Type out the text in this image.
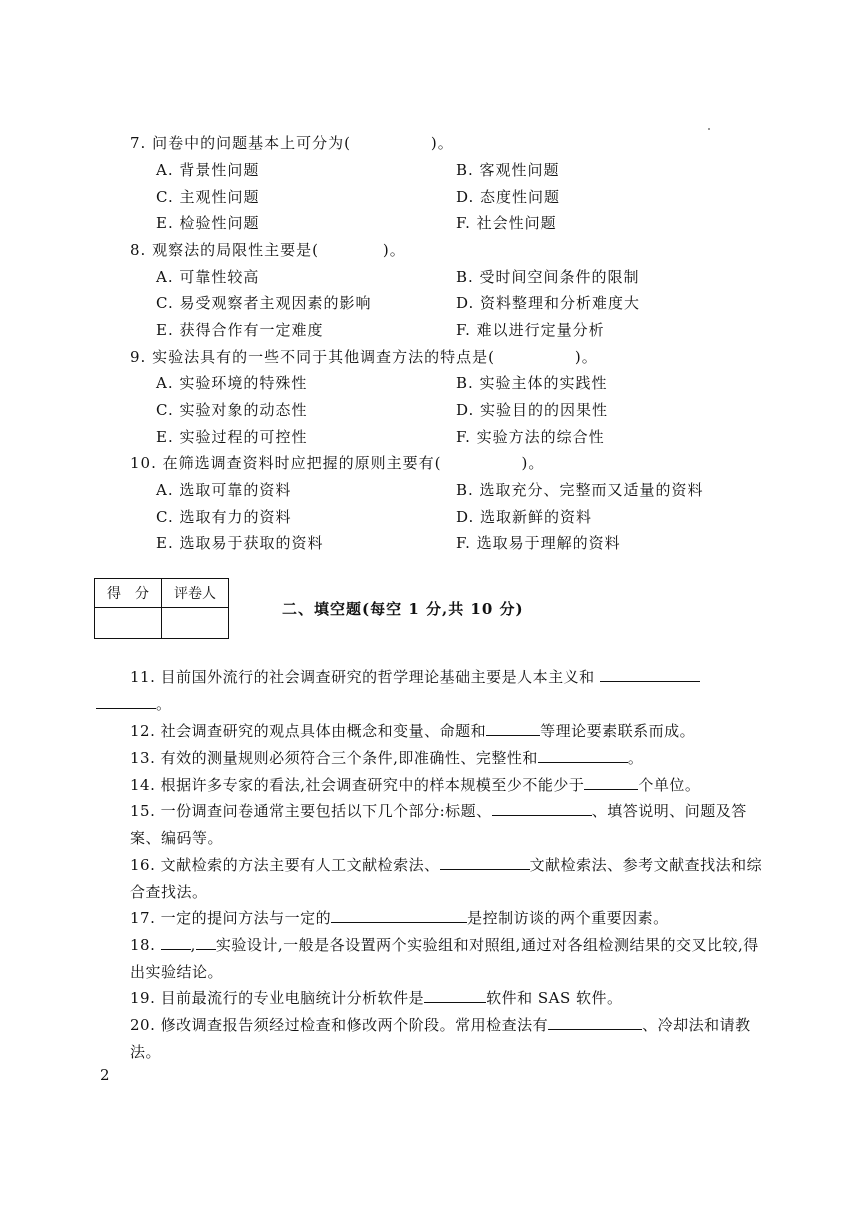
7. 问卷中的问题基本上可分为(　　　　　)。
A. 背景性问题	B. 客观性问题
C. 主观性问题	D. 态度性问题
E. 检验性问题	F. 社会性问题
8. 观察法的局限性主要是(　　　　)。
A. 可靠性较高	B. 受时间空间条件的限制
C. 易受观察者主观因素的影响	D. 资料整理和分析难度大
E. 获得合作有一定难度	F. 难以进行定量分析
9. 实验法具有的一些不同于其他调查方法的特点是(　　　　　)。
A. 实验环境的特殊性	B. 实验主体的实践性
C. 实验对象的动态性	D. 实验目的的因果性
E. 实验过程的可控性	F. 实验方法的综合性
10. 在筛选调查资料时应把握的原则主要有(　　　　　)。
A. 选取可靠的资料	B. 选取充分、完整而又适量的资料
C. 选取有力的资料	D. 选取新鲜的资料
E. 选取易于获取的资料	F. 选取易于理解的资料
得　分	评卷人

二、填空题(每空 1 分,共 10 分)
11. 目前国外流行的社会调查研究的哲学理论基础主要是人本主义和
。
12. 社会调查研究的观点具体由概念和变量、命题和	等理论要素联系而成。
13. 有效的测量规则必须符合三个条件,即准确性、完整性和	。
14. 根据许多专家的看法,社会调查研究中的样本规模至少不能少于	个单位。
15. 一份调查问卷通常主要包括以下几个部分:标题、	、填答说明、问题及答案、编码等。
16. 文献检索的方法主要有人工文献检索法、	文献检索法、参考文献查找法和综合查找法。
17. 一定的提问方法与一定的	是控制访谈的两个重要因素。
18. , 实验设计,一般是各设置两个实验组和对照组,通过对各组检测结果的交叉比较,得出实验结论。
19. 目前最流行的专业电脑统计分析软件是	软件和 SAS 软件。
20. 修改调查报告须经过检查和修改两个阶段。常用检查法有	、冷却法和请教法。
2
